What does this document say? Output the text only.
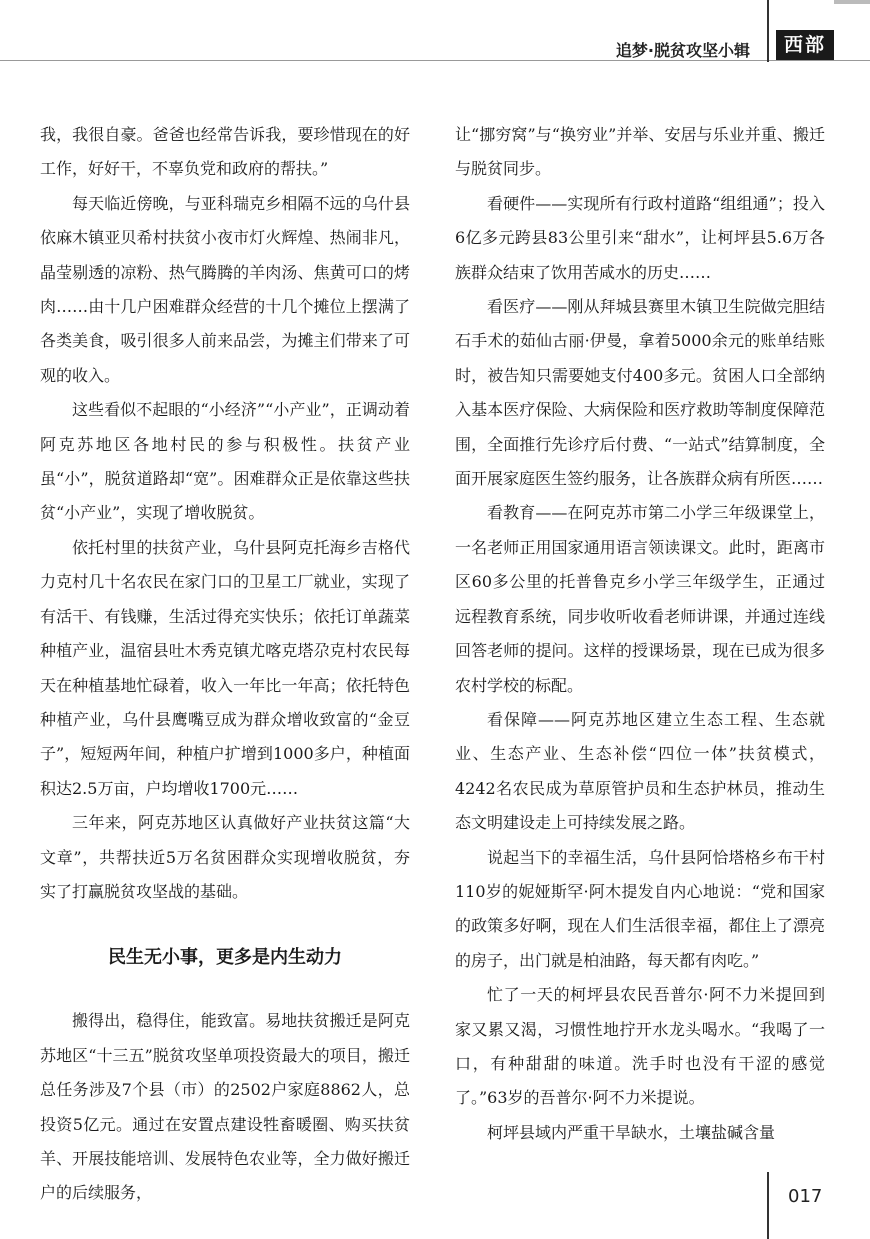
追梦·脱贫攻坚小辑	西部

我，我很自豪。爸爸也经常告诉我，要珍惜现在的好工作，好好干，不辜负党和政府的帮扶。”

每天临近傍晚，与亚科瑞克乡相隔不远的乌什县依麻木镇亚贝希村扶贫小夜市灯火辉煌、热闹非凡，晶莹剔透的凉粉、热气腾腾的羊肉汤、焦黄可口的烤肉……由十几户困难群众经营的十几个摊位上摆满了各类美食，吸引很多人前来品尝，为摊主们带来了可观的收入。

这些看似不起眼的“小经济”“小产业”，正调动着阿克苏地区各地村民的参与积极性。扶贫产业虽“小”，脱贫道路却“宽”。困难群众正是依靠这些扶贫“小产业”，实现了增收脱贫。

依托村里的扶贫产业，乌什县阿克托海乡吉格代力克村几十名农民在家门口的卫星工厂就业，实现了有活干、有钱赚，生活过得充实快乐；依托订单蔬菜种植产业，温宿县吐木秀克镇尤喀克塔尕克村农民每天在种植基地忙碌着，收入一年比一年高；依托特色种植产业，乌什县鹰嘴豆成为群众增收致富的“金豆子”，短短两年间，种植户扩增到1000多户，种植面积达2.5万亩，户均增收1700元……

三年来，阿克苏地区认真做好产业扶贫这篇“大文章”，共帮扶近5万名贫困群众实现增收脱贫，夯实了打赢脱贫攻坚战的基础。

民生无小事，更多是内生动力

搬得出，稳得住，能致富。易地扶贫搬迁是阿克苏地区“十三五”脱贫攻坚单项投资最大的项目，搬迁总任务涉及7个县（市）的2502户家庭8862人，总投资5亿元。通过在安置点建设牲畜暖圈、购买扶贫羊、开展技能培训、发展特色农业等，全力做好搬迁户的后续服务，

让“挪穷窝”与“换穷业”并举、安居与乐业并重、搬迁与脱贫同步。

看硬件——实现所有行政村道路“组组通”；投入6亿多元跨县83公里引来“甜水”，让柯坪县5.6万各族群众结束了饮用苦咸水的历史……

看医疗——刚从拜城县赛里木镇卫生院做完胆结石手术的茹仙古丽·伊曼，拿着5000余元的账单结账时，被告知只需要她支付400多元。贫困人口全部纳入基本医疗保险、大病保险和医疗救助等制度保障范围，全面推行先诊疗后付费、“一站式”结算制度，全面开展家庭医生签约服务，让各族群众病有所医……

看教育——在阿克苏市第二小学三年级课堂上，一名老师正用国家通用语言领读课文。此时，距离市区60多公里的托普鲁克乡小学三年级学生，正通过远程教育系统，同步收听收看老师讲课，并通过连线回答老师的提问。这样的授课场景，现在已成为很多农村学校的标配。

看保障——阿克苏地区建立生态工程、生态就业、生态产业、生态补偿“四位一体”扶贫模式，4242名农民成为草原管护员和生态护林员，推动生态文明建设走上可持续发展之路。

说起当下的幸福生活，乌什县阿恰塔格乡布干村110岁的妮娅斯罕·阿木提发自内心地说：“党和国家的政策多好啊，现在人们生活很幸福，都住上了漂亮的房子，出门就是柏油路，每天都有肉吃。”

忙了一天的柯坪县农民吾普尔·阿不力米提回到家又累又渴，习惯性地拧开水龙头喝水。“我喝了一口，有种甜甜的味道。洗手时也没有干涩的感觉了。”63岁的吾普尔·阿不力米提说。

柯坪县域内严重干旱缺水，土壤盐碱含量

017
